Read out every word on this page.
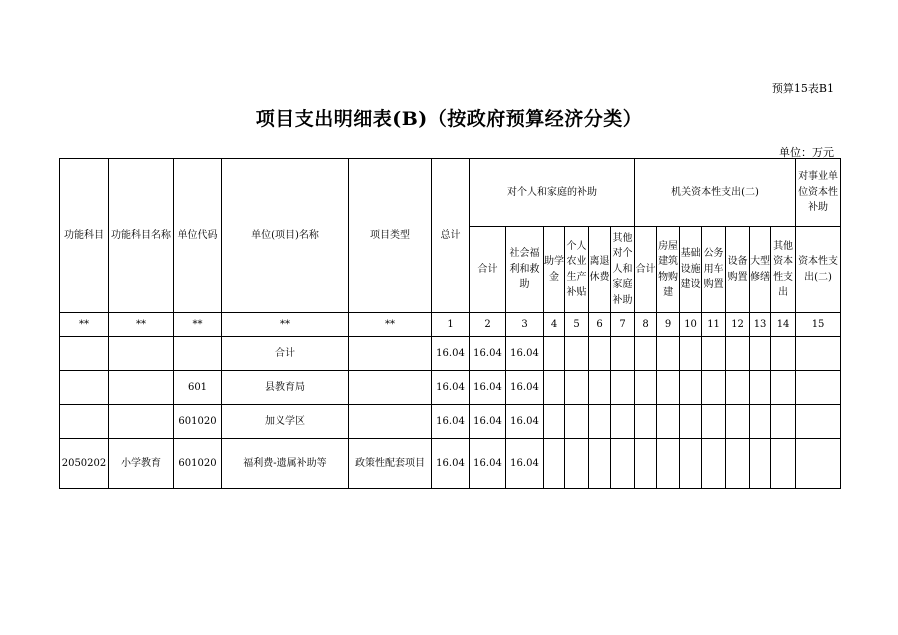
预算15表B1
项目支出明细表(B)（按政府预算经济分类）
单位：万元
功能科目	功能科目名称	单位代码	单位(项目)名称	项目类型	总计	对个人和家庭的补助						机关资本性支出(二)							对事业单位资本性补助
						合计	社会福利和救助	助学金	个人农业生产补贴	离退休费	其他对个人和家庭补助	合计	房屋建筑物购建	基础设施建设	公务用车购置	设备购置	大型修缮	其他资本性支出	资本性支出(二)
**	**	**	**	**	1	2	3	4	5	6	7	8	9	10	11	12	13	14	15
			合计		16.04	16.04	16.04												
		601	县教育局		16.04	16.04	16.04												
		601020	加义学区		16.04	16.04	16.04												
2050202	小学教育	601020	福利费-遗属补助等	政策性配套项目	16.04	16.04	16.04												
